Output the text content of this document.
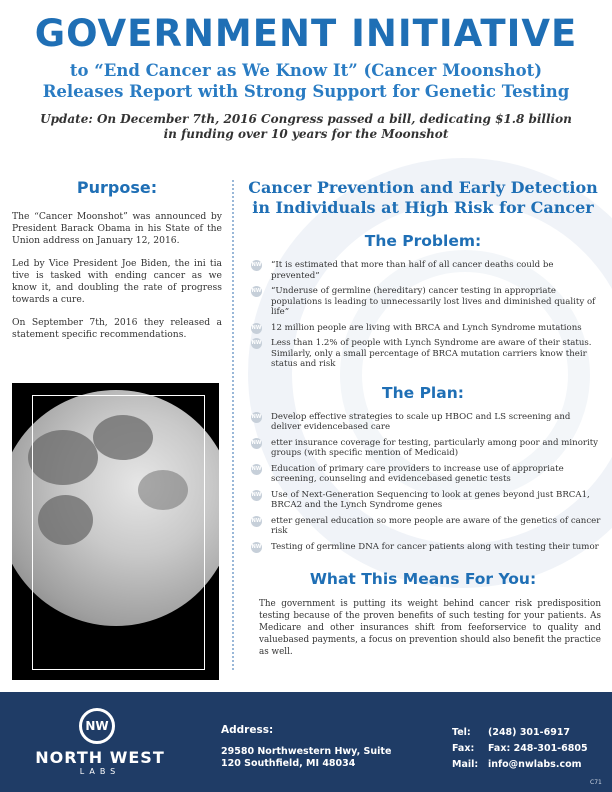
GOVERNMENT INITIATIVE
to “End Cancer as We Know It” (Cancer Moonshot)
Releases Report with Strong Support for Genetic Testing
Update: On December 7th, 2016 Congress passed a bill, dedicating $1.8 billion
in funding over 10 years for the Moonshot
Purpose:

The “Cancer Moonshot” was announced by President Barack Obama in his State of the Union address on January 12, 2016.

Led by Vice President Joe Biden, the ini tia tive is tasked with ending cancer as we know it, and doubling the rate of progress towards a cure.

On September 7th, 2016 they released a statement specific recommendations.

Cancer Prevention and Early Detection
in Individuals at High Risk for Cancer
The Problem:
NW “It is estimated that more than half of all cancer deaths could be prevented”
NW “Underuse of germline (hereditary) cancer testing in appropriate populations is leading to unnecessarily lost lives and diminished quality of life”
NW 12 million people are living with BRCA and Lynch Syndrome mutations
NW Less than 1.2% of people with Lynch Syndrome are aware of their status. Similarly, only a small percentage of BRCA mutation carriers know their status and risk
The Plan:
NW Develop effective strategies to scale up HBOC and LS screening and deliver evidencebased care
NW etter insurance coverage for testing, particularly among poor and minority groups (with specific mention of Medicaid)
NW Education of primary care providers to increase use of appropriate screening, counseling and evidencebased genetic tests
NW Use of Next-Generation Sequencing to look at genes beyond just BRCA1, BRCA2 and the Lynch Syndrome genes
NW etter general education so more people are aware of the genetics of cancer risk
NW Testing of germline DNA for cancer patients along with testing their tumor
What This Means For You:
The government is putting its weight behind cancer risk predisposition testing because of the proven benefits of such testing for your patients. As Medicare and other insurances shift from feeforservice to quality and valuebased payments, a focus on prevention should also benefit the practice as well.
NW
NORTH WEST
LABS
Address:
29580 Northwestern Hwy, Suite
120 Southfield, MI 48034
Tel: (248) 301-6917
Fax: Fax: 248-301-6805
Mail: info@nwlabs.com
C71
